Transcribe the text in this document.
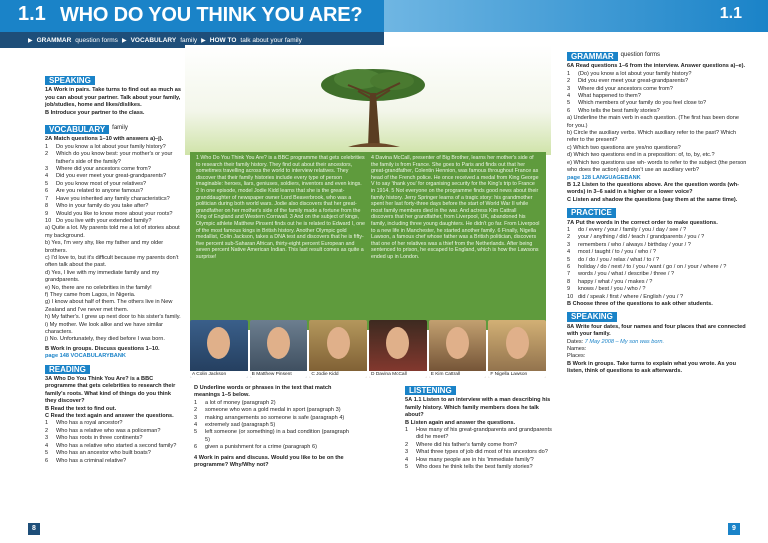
1.1 WHO DO YOU THINK YOU ARE?	1.1
▶ GRAMMAR question forms ▶ VOCABULARY family ▶ HOW TO talk about your family
SPEAKING
1A Work in pairs. Take turns to find out as much as you can about your partner. Talk about your family, job/studies, home and likes/dislikes.
B Introduce your partner to the class.
VOCABULARY	family
2A Match questions 1–10 with answers a)–j).
1	Do you know a lot about your family history?
2	Which do you know best: your mother's or your father's side of the family?
3	Where did your ancestors come from?
4	Did you ever meet your great-grandparents?
5	Do you know most of your relatives?
6	Are you related to anyone famous?
7	Have you inherited any family characteristics?
8	Who in your family do you take after?
9	Would you like to know more about your roots?
10 Do you live with your extended family?
a) Quite a lot. My parents told me a lot of stories about my background.
b) Yes, I'm very shy, like my father and my older brothers.
c) I'd love to, but it's difficult because my parents don't often talk about the past.
d) Yes, I live with my immediate family and my grandparents.
e) No, there are no celebrities in the family!
f) They came from Lagos, in Nigeria.
g) I know about half of them. The others live in New Zealand and I've never met them.
h) My father's. I grew up next door to his sister's family.
i) My mother. We look alike and we have similar characters.
j) No. Unfortunately, they died before I was born.
B Work in groups. Discuss questions 1–10.
page 148 VOCABULARYBANK
READING
3A Who Do You Think You Are? is a BBC programme that gets celebrities to research their family's roots. What kind of things do you think they discover?
B Read the text to find out.
C Read the text again and answer the questions.
1	Who has a royal ancestor?
2	Who has a relative who was a policeman?
3	Who has roots in three continents?
4	Who has a relative who started a second family?
5	Who has an ancestor who built boats?
6	Who has a criminal relative?
1 Who Do You Think You Are? is a BBC programme that gets celebrities to research their family history. They find out about their ancestors, sometimes travelling across the world to interview relatives. They discover that their family histories include every type of person imaginable: heroes, liars, geniuses, soldiers, inventors and even kings. 2 In one episode, model Jodie Kidd learns that she is the great-granddaughter of newspaper owner Lord Beaverbrook, who was a politician during both world wars. Jodie also discovers that her great-grandfather on her mother's side of the family made a fortune from the King of England and Western Cornwall. 3 And on the subject of kings, Olympic athlete Matthew Pinsent finds out he is related to Edward I, one of the most famous kings in British history. Another Olympic gold medallist, Colin Jackson, takes a DNA test and discovers that he is fifty-five percent sub-Saharan African, thirty-eight percent European and seven percent Native American Indian. This last result comes as quite a surprise!
4 Davina McCall, presenter of Big Brother, learns her mother's side of the family is from France. She goes to Paris and finds out that her great-grandfather, Colentin Hennion, was famous throughout France as head of the French police. He once received a medal from King George V to say 'thank you' for organising security for the King's trip to France in 1914. 5 Not everyone on the programme finds good news about their family history. Jerry Springer learns of a tragic story: his grandmother spent her last forty-three days before the start of World War II while most family members died in the war. And actress Kim Cattrall discovers that her grandfather, from Liverpool, UK, abandoned his family, including three young daughters. He didn't go far. From Liverpool to a new life in Manchester, he started another family. 6 Finally, Nigella Lawson, a famous chef whose father was a British politician, discovers that one of her relatives was a thief from the Netherlands. After being sentenced to prison, he escaped to England, which is how the Lawsons ended up in London.
A Colin Jackson	B Matthew Pinsent	C Jodie Kidd	D Davina McCall	E Kim Cattrall	F Nigella Lawson
D Underline words or phrases in the text that match meanings 1–5 below.
1	a lot of money (paragraph 2)
2	someone who won a gold medal in sport (paragraph 3)
3	making arrangements so someone is safe (paragraph 4)
4	extremely sad (paragraph 5)
5	left someone (or something) in a bad condition (paragraph 5)
6	given a punishment for a crime (paragraph 6)
4 Work in pairs and discuss. Would you like to be on the programme? Why/Why not?
LISTENING
5A 1.1 Listen to an interview with a man describing his family history. Which family members does he talk about?
B Listen again and answer the questions.
1	How many of his great-grandparents and grandparents did he meet?
2	Where did his father's family come from?
3	What three types of job did most of his ancestors do?
4	How many people are in his 'immediate family'?
5	Who does he think tells the best family stories?
GRAMMAR	question forms
6A Read questions 1–6 from the interview. Answer questions a)–e).
1	(Do) you know a lot about your family history?
2	Did you ever meet your great-grandparents?
3	Where did your ancestors come from?
4	What happened to them?
5	Which members of your family do you feel close to?
6	Who tells the best family stories?
a) Underline the main verb in each question. (The first has been done for you.)
b) Circle the auxiliary verbs. Which auxiliary refer to the past? Which refer to the present?
c) Which two questions are yes/no questions?
d) Which two questions end in a preposition: of, to, by, etc.?
e) Which two questions use wh- words to refer to the subject (the person who does the action) and don't use an auxiliary verb?
page 128 LANGUAGEBANK
B 1.2 Listen to the questions above. Are the question words (wh- words) in 3–6 said in a higher or a lower voice?
C Listen and shadow the questions (say them at the same time).
PRACTICE
7A Put the words in the correct order to make questions.
1	do / every / your / family / you / day / see / ?
2	your / anything / did / teach / grandparents / you / ?
3	remembers / who / always / birthday / your / ?
4	most / taught / to / you / who / ?
5	do / do / you / relax / what / to / ?
6	holiday / do / next / to / you / want / go / on / your / where / ?
7	words / you / what / describe / three / ?
8	happy / what / you / makes / ?
9	knows / best / you / who / ?
10 did / speak / first / where / English / you / ?
B Choose three of the questions to ask other students.
SPEAKING
8A Write four dates, four names and four places that are connected with your family.
Dates: 7 May 2008 – My son was born.
Names:
Places:
B Work in groups. Take turns to explain what you wrote. As you listen, think of questions to ask afterwards.
8	9
